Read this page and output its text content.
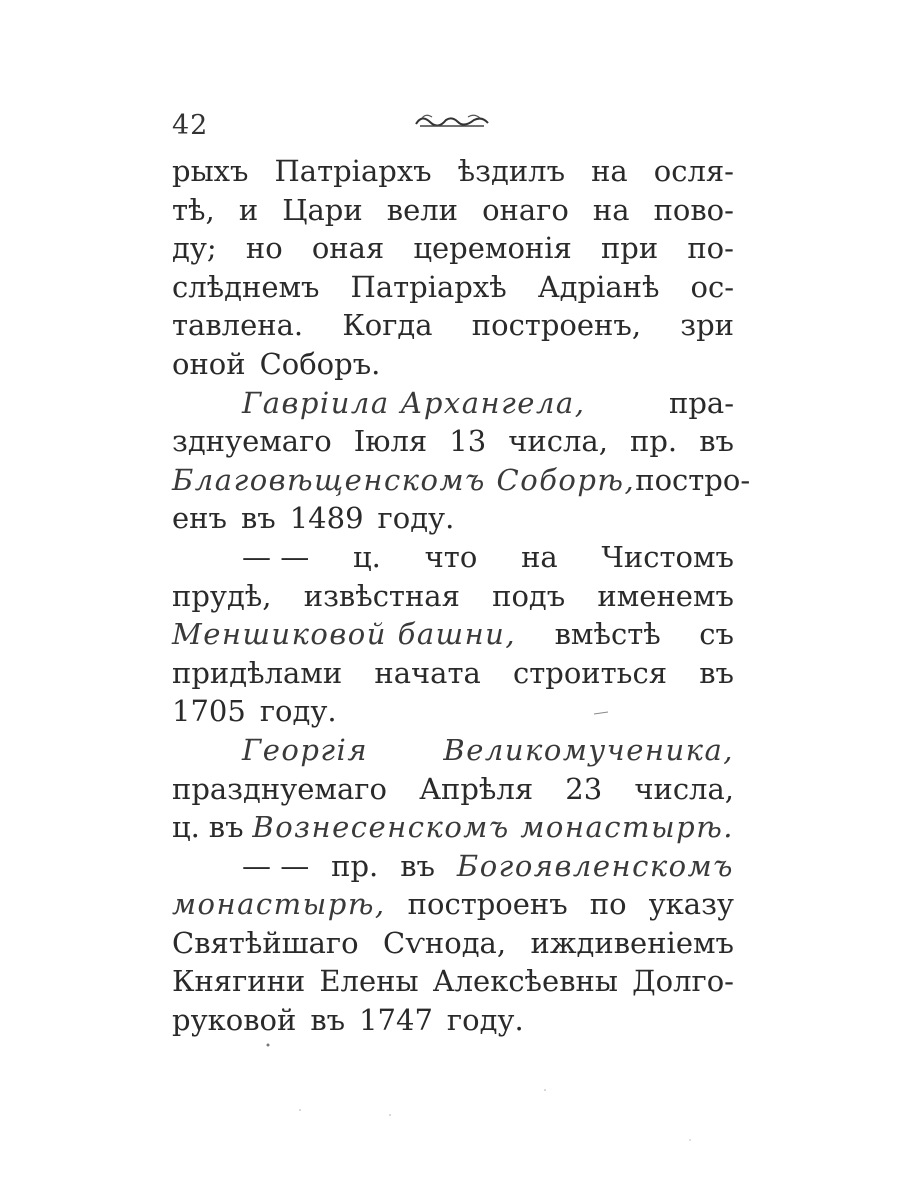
42
рыхъ Патріархъ ѣздилъ на осля-
тѣ, и Цари вели онаго на пово-
ду; но оная церемонія при по-
слѣднемъ Патріархѣ Адріанѣ ос-
тавлена. Когда построенъ, зри
оной Соборъ.
Гавріила Архангела,	пра-
зднуемаго Іюля 13 числа, пр. въ
Благовѣщенскомъ Соборѣ, постро-
енъ въ 1489 году.
— — ц. что на Чистомъ
прудѣ, извѣстная подъ именемъ
Меншиковой башни, вмѣстѣ съ
придѣлами начата строиться въ
1705 году.
Георгія	Великомученика,
празднуемаго Апрѣля 23 числа,
ц. въ Вознесенскомъ монастырѣ.
— — пр. въ Богоявленскомъ
монастырѣ, построенъ по указу
Святѣйшаго Сѵнода, иждивеніемъ
Княгини Елены Алексѣевны Долго-
руковой въ 1747 году.
